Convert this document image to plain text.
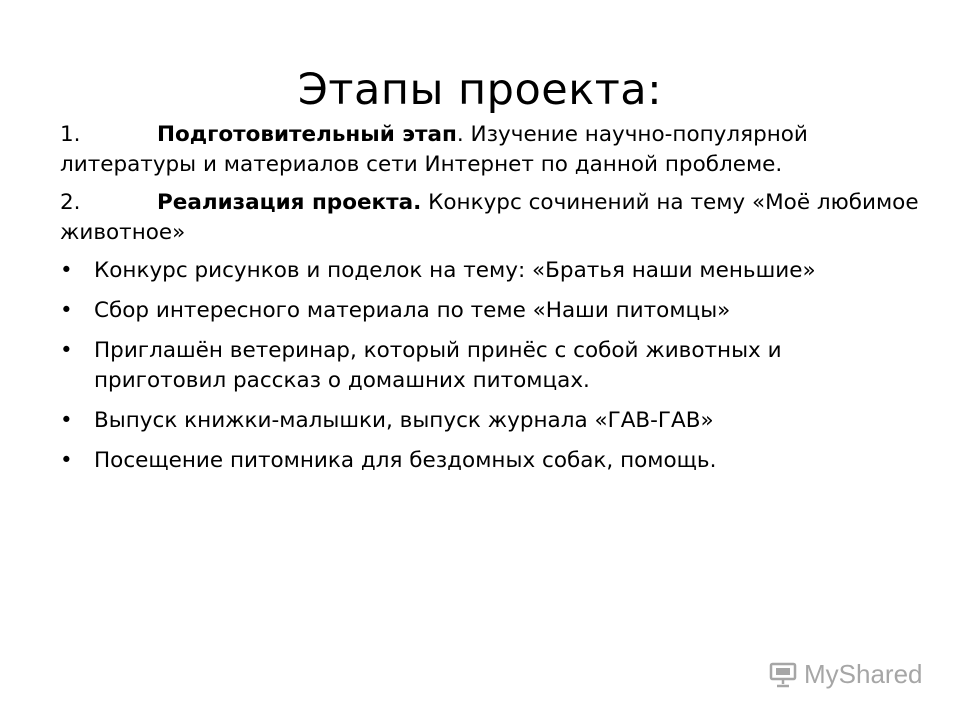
Этапы проекта:
1.	Подготовительный этап. Изучение научно-популярной литературы и материалов сети Интернет по данной проблеме.
2.	Реализация проекта. Конкурс сочинений на тему «Моё любимое животное»
• Конкурс рисунков и поделок на тему: «Братья наши меньшие»
• Сбор интересного материала по теме «Наши питомцы»
• Приглашён ветеринар, который принёс с собой животных и приготовил рассказ о домашних питомцах.
• Выпуск книжки-малышки, выпуск журнала «ГАВ-ГАВ»
• Посещение питомника для бездомных собак, помощь.
MyShared
